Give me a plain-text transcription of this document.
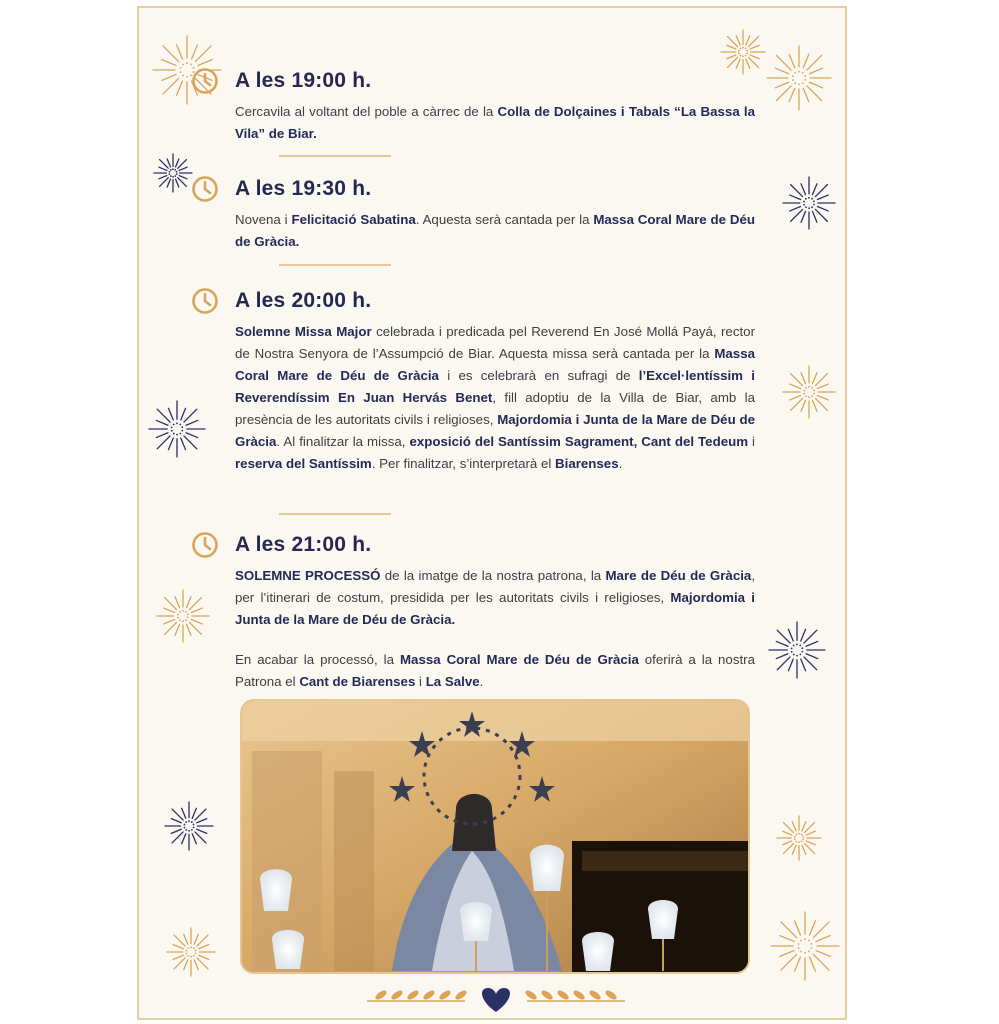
A les 19:00 h.

Cercavila al voltant del poble a càrrec de la Colla de Dolçaines i Tabals “La Bassa la Vila” de Biar.

A les 19:30 h.

Novena i Felicitació Sabatina. Aquesta serà cantada per la Massa Coral Mare de Déu de Gràcia.

A les 20:00 h.

Solemne Missa Major celebrada i predicada pel Reverend En José Mollá Payá, rector de Nostra Senyora de l’Assumpció de Biar. Aquesta missa serà cantada per la Massa Coral Mare de Déu de Gràcia i es celebrarà en sufragi de l’Excel·lentíssim i Reverendíssim En Juan Hervás Benet, fill adoptiu de la Villa de Biar, amb la presència de les autoritats civils i religioses, Majordomia i Junta de la Mare de Déu de Gràcia. Al finalitzar la missa, exposició del Santíssim Sagrament, Cant del Tedeum i reserva del Santíssim. Per finalitzar, s’interpretarà el Biarenses.

A les 21:00 h.

SOLEMNE PROCESSÓ de la imatge de la nostra patrona, la Mare de Déu de Gràcia, per l’itinerari de costum, presidida per les autoritats civils i religioses, Majordomia i Junta de la Mare de Déu de Gràcia.

En acabar la processó, la Massa Coral Mare de Déu de Gràcia oferirà a la nostra Patrona el Cant de Biarenses i La Salve.
